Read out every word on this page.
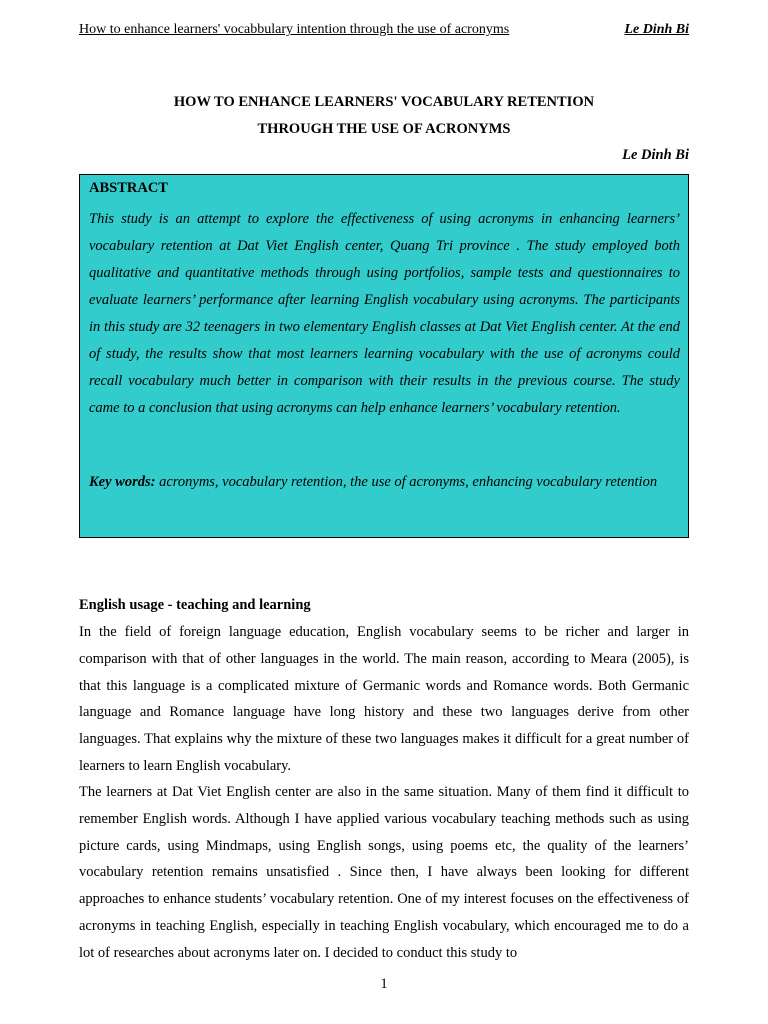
How to enhance learners' vocabbulary intention through the use of acronyms	Le Dinh Bi
HOW TO ENHANCE LEARNERS' VOCABULARY RETENTION
THROUGH THE USE OF ACRONYMS
Le Dinh Bi
ABSTRACT
This study is an attempt to explore the effectiveness of using acronyms in enhancing learners’ vocabulary retention at Dat Viet English center, Quang Tri province . The study employed both qualitative and quantitative methods through using portfolios, sample tests and questionnaires to evaluate learners’ performance after learning English vocabulary using acronyms. The participants in this study are 32 teenagers in two elementary English classes at Dat Viet English center. At the end of study, the results show that most learners learning vocabulary with the use of acronyms could recall vocabulary much better in comparison with their results in the previous course. The study came to a conclusion that using acronyms can help enhance learners’ vocabulary retention.
Key words: acronyms, vocabulary retention, the use of acronyms, enhancing vocabulary retention
English usage - teaching and learning

In the field of foreign language education, English vocabulary seems to be richer and larger in comparison with that of other languages in the world. The main reason, according to Meara (2005), is that this language is a complicated mixture of Germanic words and Romance words. Both Germanic language and Romance language have long history and these two languages derive from other languages. That explains why the mixture of these two languages makes it difficult for a great number of learners to learn English vocabulary.

The learners at Dat Viet English center are also in the same situation. Many of them find it difficult to remember English words. Although I have applied various vocabulary teaching methods such as using picture cards, using Mindmaps, using English songs, using poems etc, the quality of the learners’ vocabulary retention remains unsatisfied . Since then, I have always been looking for different approaches to enhance students’ vocabulary retention. One of my interest focuses on the effectiveness of acronyms in teaching English, especially in teaching English vocabulary, which encouraged me to do a lot of researches about acronyms later on. I decided to conduct this study to

1
